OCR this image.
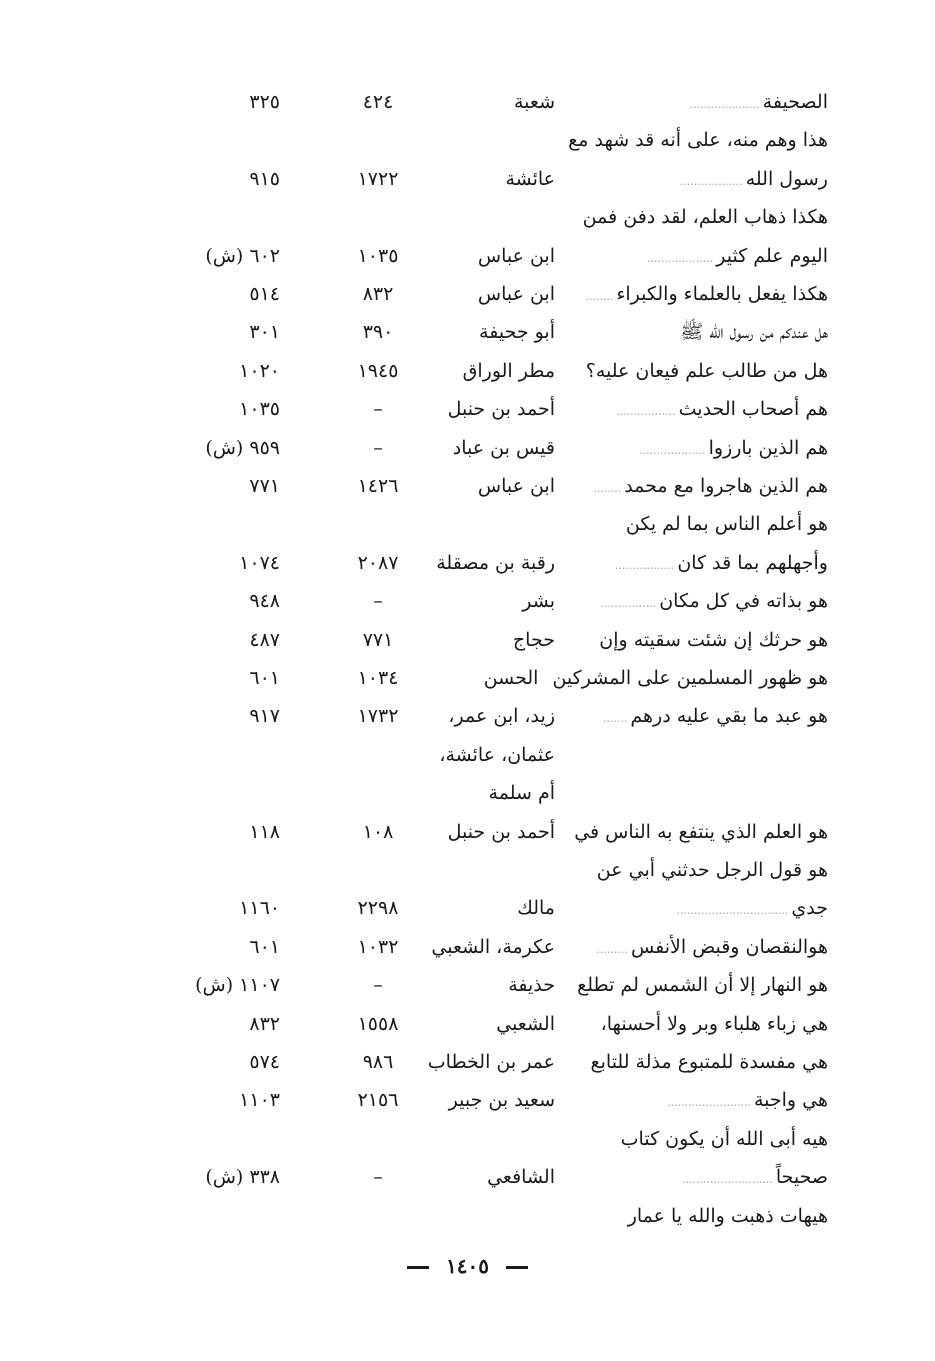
الصحيفة....................
شعبة
٤٢٤
٣٢٥
هذا وهم منه، على أنه قد شهد مع
رسول الله..................
عائشة
١٧٢٢
٩١٥
هكذا ذهاب العلم، لقد دفن فمن
اليوم علم كثير...................
ابن عباس
١٠٣٥
٦٠٢ (ش)
هكذا يفعل بالعلماء والكبراء........
ابن عباس
٨٣٢
٥١٤
هل عندكم من رسول الله ﷺ
أبو جحيفة
٣٩٠
٣٠١
هل من طالب علم فيعان عليه؟
مطر الوراق
١٩٤٥
١٠٢٠
هم أصحاب الحديث.................
أحمد بن حنبل
–
١٠٣٥
هم الذين بارزوا...................
قيس بن عباد
–
٩٥٩ (ش)
هم الذين هاجروا مع محمد........
ابن عباس
١٤٢٦
٧٧١
هو أعلم الناس بما لم يكن
وأجهلهم بما قد كان.................
رقبة بن مصقلة
٢٠٨٧
١٠٧٤
هو بذاته في كل مكان................
بشر
–
٩٤٨
هو حرثك إن شئت سقيته وإن
حجاج
٧٧١
٤٨٧
هو ظهور المسلمين على المشركين
الحسن
١٠٣٤
٦٠١
هو عبد ما بقي عليه درهم.......
زيد، ابن عمر،
١٧٣٢
٩١٧
عثمان، عائشة،
أم سلمة
هو العلم الذي ينتفع به الناس في
أحمد بن حنبل
١٠٨
١١٨
هو قول الرجل حدثني أبي عن
جدي................................
مالك
٢٢٩٨
١١٦٠
هوالنقصان وقبض الأنفس.........
عكرمة، الشعبي
١٠٣٢
٦٠١
هو النهار إلا أن الشمس لم تطلع
حذيفة
–
١١٠٧ (ش)
هي زباء هلباء وبر ولا أحسنها،
الشعبي
١٥٥٨
٨٣٢
هي مفسدة للمتبوع مذلة للتابع
عمر بن الخطاب
٩٨٦
٥٧٤
هي واجبة........................
سعيد بن جبير
٢١٥٦
١١٠٣
هيه أبى الله أن يكون كتاب
صحيحاً..........................
الشافعي
–
٣٣٨ (ش)
هيهات ذهبت والله يا عمار
١٤٠٥
